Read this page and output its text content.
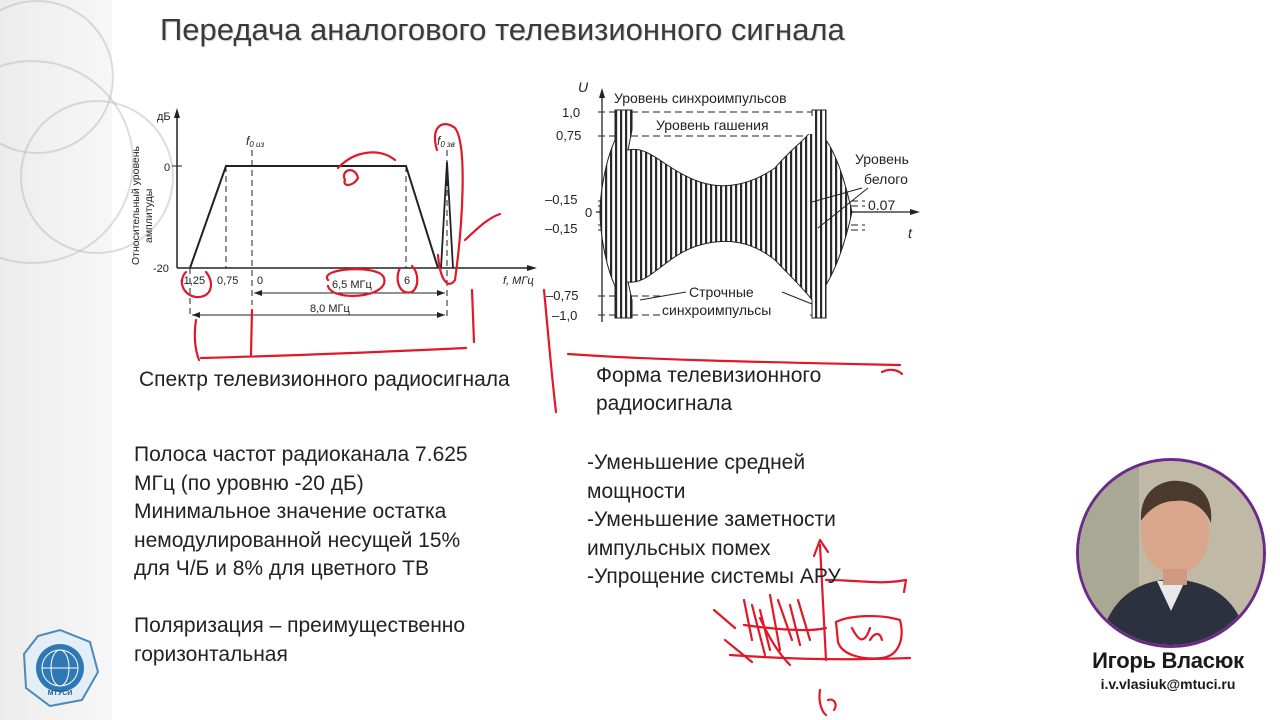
МТУСИ
Передача аналогового телевизионного сигнала
дБ
0
-20
Относительный уровень амплитуды
-1,25 0,75 0	6,5 МГц	6	f, МГц
8,0 МГц
f0 из	f0 зв
U
t
Уровень синхроимпульсов
Уровень гашения
Уровень
белого
0.07
Строчные
синхроимпульсы
1,0
0,75
–0,15
0
–0,15
–0,75
–1,0
Спектр телевизионного радиосигнала	Форма телевизионного
радиосигнала
Полоса частот радиоканала 7.625
МГц (по уровню -20 дБ)
Минимальное значение остатка
немодулированной несущей 15%
для Ч/Б и 8% для цветного ТВ
Поляризация – преимущественно
горизонтальная
-Уменьшение средней
мощности
-Уменьшение заметности
импульсных помех
-Упрощение системы АРУ
Игорь Власюк
i.v.vlasiuk@mtuci.ru
